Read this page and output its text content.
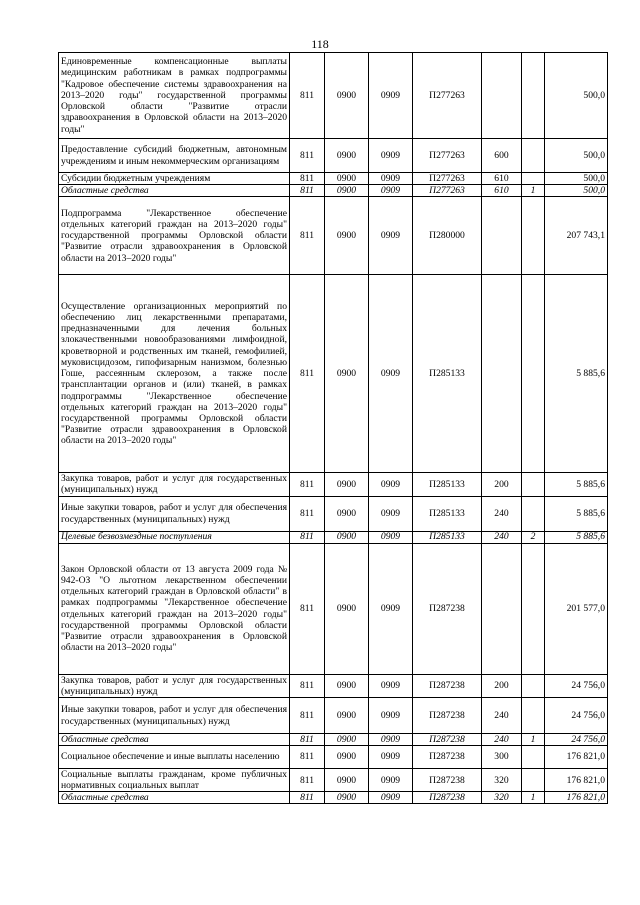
118
Единовременные компенсационные выплаты медицинским работникам в рамках подпрограммы "Кадровое обеспечение системы здравоохранения на 2013–2020 годы" государственной программы Орловской области "Развитие отрасли здравоохранения в Орловской области на 2013–2020 годы"	811	0900	0909	П277263			500,0
Предоставление субсидий бюджетным, автономным учреждениям и иным некоммерческим организациям	811	0900	0909	П277263	600		500,0
Субсидии бюджетным учреждениям	811	0900	0909	П277263	610		500,0
Областные средства	811	0900	0909	П277263	610	1	500,0
Подпрограмма "Лекарственное обеспечение отдельных категорий граждан на 2013–2020 годы" государственной программы Орловской области "Развитие отрасли здравоохранения в Орловской области на 2013–2020 годы"	811	0900	0909	П280000			207 743,1
Осуществление организационных мероприятий по обеспечению лиц лекарственными препаратами, предназначенными для лечения больных злокачественными новообразованиями лимфоидной, кроветворной и родственных им тканей, гемофилией, муковисцидозом, гипофизарным нанизмом, болезнью Гоше, рассеянным склерозом, а также после трансплантации органов и (или) тканей, в рамках подпрограммы "Лекарственное обеспечение отдельных категорий граждан на 2013–2020 годы" государственной программы Орловской области "Развитие отрасли здравоохранения в Орловской области на 2013–2020 годы"	811	0900	0909	П285133			5 885,6
Закупка товаров, работ и услуг для государственных (муниципальных) нужд	811	0900	0909	П285133	200		5 885,6
Иные закупки товаров, работ и услуг для обеспечения государственных (муниципальных) нужд	811	0900	0909	П285133	240		5 885,6
Целевые безвозмездные поступления	811	0900	0909	П285133	240	2	5 885,6
Закон Орловской области от 13 августа 2009 года № 942-ОЗ "О льготном лекарственном обеспечении отдельных категорий граждан в Орловской области" в рамках подпрограммы "Лекарственное обеспечение отдельных категорий граждан на 2013–2020 годы" государственной программы Орловской области "Развитие отрасли здравоохранения в Орловской области на 2013–2020 годы"	811	0900	0909	П287238			201 577,0
Закупка товаров, работ и услуг для государственных (муниципальных) нужд	811	0900	0909	П287238	200		24 756,0
Иные закупки товаров, работ и услуг для обеспечения государственных (муниципальных) нужд	811	0900	0909	П287238	240		24 756,0
Областные средства	811	0900	0909	П287238	240	1	24 756,0
Социальное обеспечение и иные выплаты населению	811	0900	0909	П287238	300		176 821,0
Социальные выплаты гражданам, кроме публичных нормативных социальных выплат	811	0900	0909	П287238	320		176 821,0
Областные средства	811	0900	0909	П287238	320	1	176 821,0
